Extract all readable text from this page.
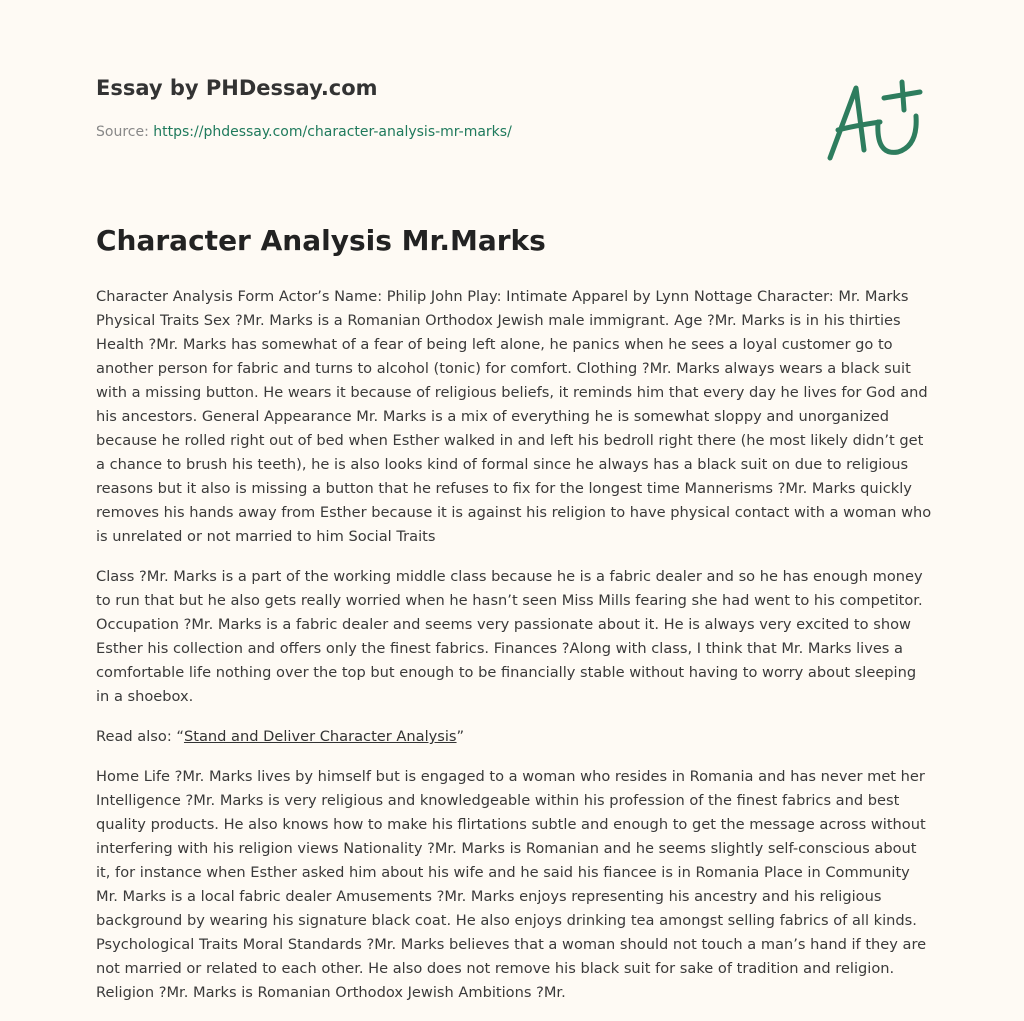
Essay by PHDessay.com
Source: https://phdessay.com/character-analysis-mr-marks/
Character Analysis Mr.Marks

Character Analysis Form Actor’s Name: Philip John Play: Intimate Apparel by Lynn Nottage Character: Mr. Marks Physical Traits Sex ?Mr. Marks is a Romanian Orthodox Jewish male immigrant. Age ?Mr. Marks is in his thirties Health ?Mr. Marks has somewhat of a fear of being left alone, he panics when he sees a loyal customer go to another person for fabric and turns to alcohol (tonic) for comfort. Clothing ?Mr. Marks always wears a black suit with a missing button. He wears it because of religious beliefs, it reminds him that every day he lives for God and his ancestors. General Appearance Mr. Marks is a mix of everything he is somewhat sloppy and unorganized because he rolled right out of bed when Esther walked in and left his bedroll right there (he most likely didn’t get a chance to brush his teeth), he is also looks kind of formal since he always has a black suit on due to religious reasons but it also is missing a button that he refuses to fix for the longest time Mannerisms ?Mr. Marks quickly removes his hands away from Esther because it is against his religion to have physical contact with a woman who is unrelated or not married to him Social Traits

Class ?Mr. Marks is a part of the working middle class because he is a fabric dealer and so he has enough money to run that but he also gets really worried when he hasn’t seen Miss Mills fearing she had went to his competitor. Occupation ?Mr. Marks is a fabric dealer and seems very passionate about it. He is always very excited to show Esther his collection and offers only the finest fabrics. Finances ?Along with class, I think that Mr. Marks lives a comfortable life nothing over the top but enough to be financially stable without having to worry about sleeping in a shoebox.

Read also: “Stand and Deliver Character Analysis”

Home Life ?Mr. Marks lives by himself but is engaged to a woman who resides in Romania and has never met her Intelligence ?Mr. Marks is very religious and knowledgeable within his profession of the finest fabrics and best quality products. He also knows how to make his flirtations subtle and enough to get the message across without interfering with his religion views Nationality ?Mr. Marks is Romanian and he seems slightly self-conscious about it, for instance when Esther asked him about his wife and he said his fiancee is in Romania Place in Community Mr. Marks is a local fabric dealer Amusements ?Mr. Marks enjoys representing his ancestry and his religious background by wearing his signature black coat. He also enjoys drinking tea amongst selling fabrics of all kinds. Psychological Traits Moral Standards ?Mr. Marks believes that a woman should not touch a man’s hand if they are not married or related to each other. He also does not remove his black suit for sake of tradition and religion. Religion ?Mr. Marks is Romanian Orthodox Jewish Ambitions ?Mr.
